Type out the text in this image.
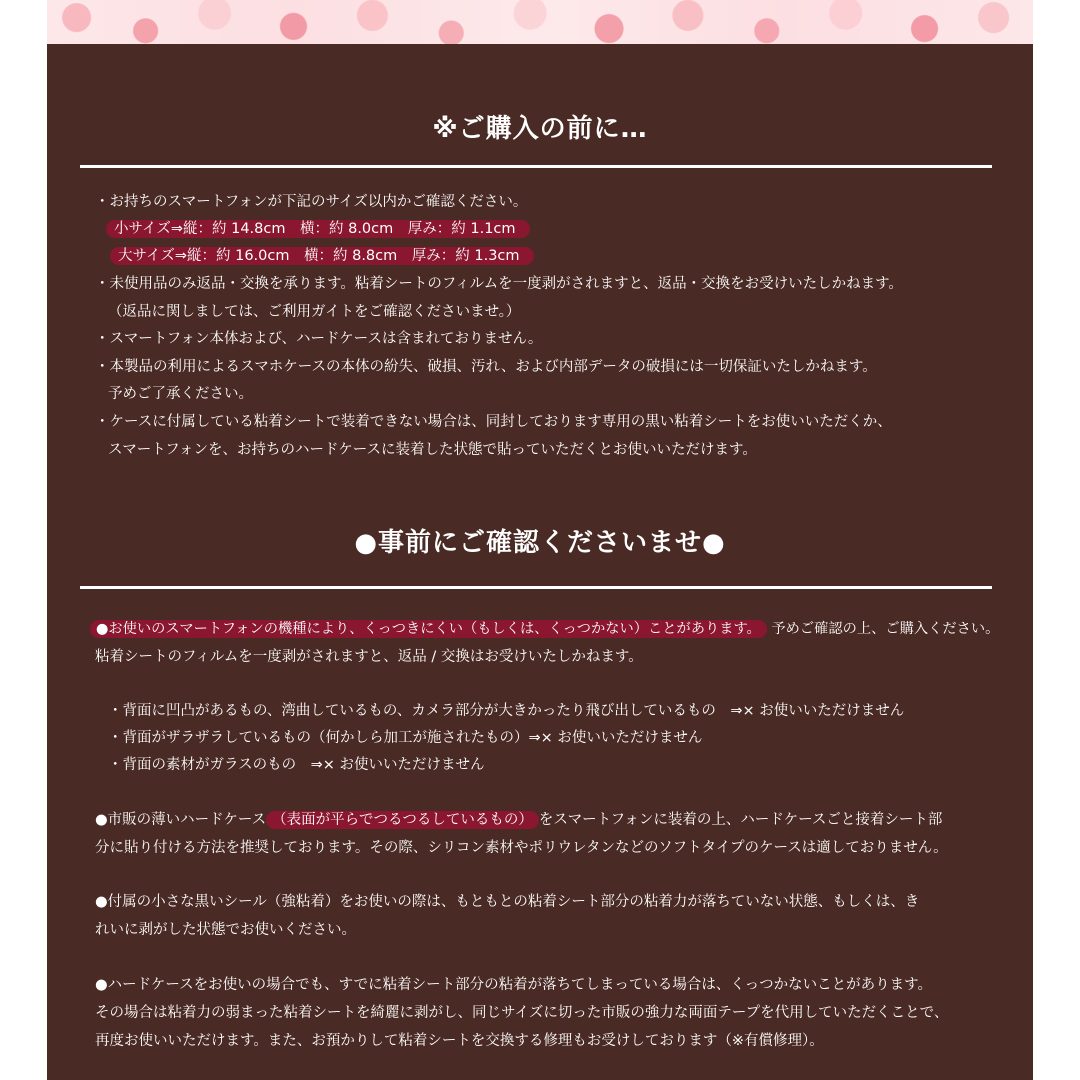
※ご購入の前に…
・お持ちのスマートフォンが下記のサイズ以内かご確認ください。
小サイズ⇒縦：約 14.8cm　横：約 8.0cm　厚み：約 1.1cm
大サイズ⇒縦：約 16.0cm　横：約 8.8cm　厚み：約 1.3cm
・未使用品のみ返品・交換を承ります。粘着シートのフィルムを一度剥がされますと、返品・交換をお受けいたしかねます。
（返品に関しましては、ご利用ガイトをご確認くださいませ。）
・スマートフォン本体および、ハードケースは含まれておりません。
・本製品の利用によるスマホケースの本体の紛失、破損、汚れ、および内部データの破損には一切保証いたしかねます。
予めご了承ください。
・ケースに付属している粘着シートで装着できない場合は、同封しております専用の黒い粘着シートをお使いいただくか、
スマートフォンを、お持ちのハードケースに装着した状態で貼っていただくとお使いいただけます。
●事前にご確認くださいませ●
●お使いのスマートフォンの機種により、くっつきにくい（もしくは、くっつかない）ことがあります。 予めご確認の上、ご購入ください。
粘着シートのフィルムを一度剥がされますと、返品 / 交換はお受けいたしかねます。
・背面に凹凸があるもの、湾曲しているもの、カメラ部分が大きかったり飛び出しているもの　⇒× お使いいただけません
・背面がザラザラしているもの（何かしら加工が施されたもの）⇒× お使いいただけません
・背面の素材がガラスのもの　⇒× お使いいただけません
●市販の薄いハードケース （表面が平らでつるつるしているもの） をスマートフォンに装着の上、ハードケースごと接着シート部
分に貼り付ける方法を推奨しております。その際、シリコン素材やポリウレタンなどのソフトタイプのケースは適しておりません。
●付属の小さな黒いシール（強粘着）をお使いの際は、もともとの粘着シート部分の粘着力が落ちていない状態、もしくは、き
れいに剥がした状態でお使いください。
●ハードケースをお使いの場合でも、すでに粘着シート部分の粘着が落ちてしまっている場合は、くっつかないことがあります。
その場合は粘着力の弱まった粘着シートを綺麗に剥がし、同じサイズに切った市販の強力な両面テープを代用していただくことで、
再度お使いいただけます。また、お預かりして粘着シートを交換する修理もお受けしております（※有償修理）。
